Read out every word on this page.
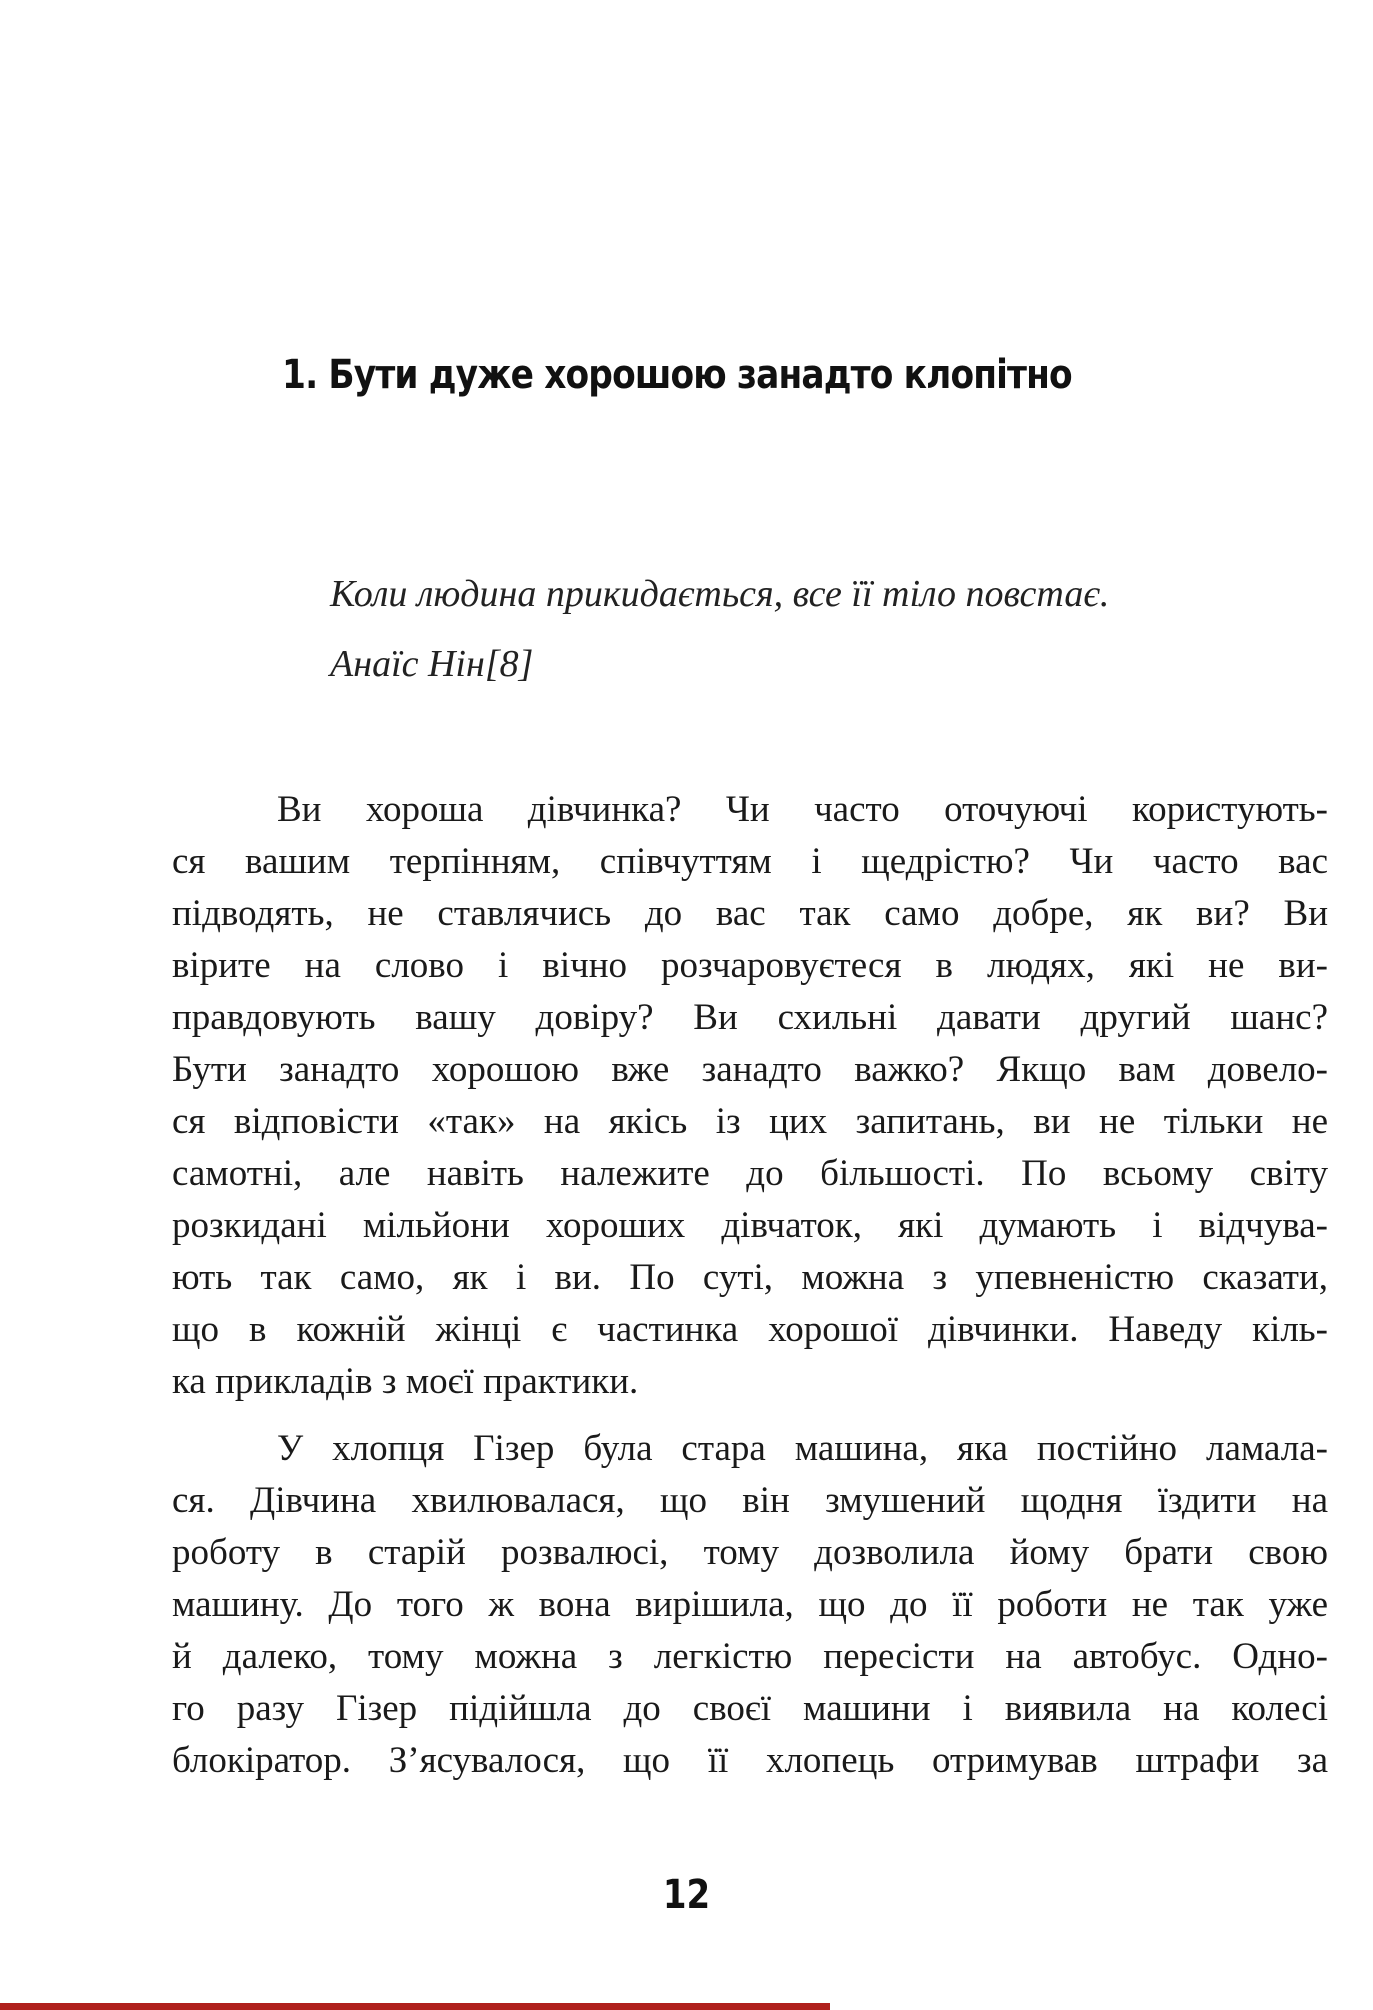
1. Бути дуже хорошою занадто клопітно
Коли людина прикидається, все її тіло повстає.
Анаїс Нін[8]
Ви хороша дівчинка? Чи часто оточуючі користують-
ся вашим терпінням, співчуттям і щедрістю? Чи часто вас
підводять, не ставлячись до вас так само добре, як ви? Ви
вірите на слово і вічно розчаровуєтеся в людях, які не ви-
правдовують вашу довіру? Ви схильні давати другий шанс?
Бути занадто хорошою вже занадто важко? Якщо вам довело-
ся відповісти «так» на якісь із цих запитань, ви не тільки не
самотні, але навіть належите до більшості. По всьому світу
розкидані мільйони хороших дівчаток, які думають і відчува-
ють так само, як і ви. По суті, можна з упевненістю сказати,
що в кожній жінці є частинка хорошої дівчинки. Наведу кіль-
ка прикладів з моєї практики.
У хлопця Гізер була стара машина, яка постійно ламала-
ся. Дівчина хвилювалася, що він змушений щодня їздити на
роботу в старій розвалюсі, тому дозволила йому брати свою
машину. До того ж вона вирішила, що до її роботи не так уже
й далеко, тому можна з легкістю пересісти на автобус. Одно-
го разу Гізер підійшла до своєї машини і виявила на колесі
блокіратор. З’ясувалося, що її хлопець отримував штрафи за
12
